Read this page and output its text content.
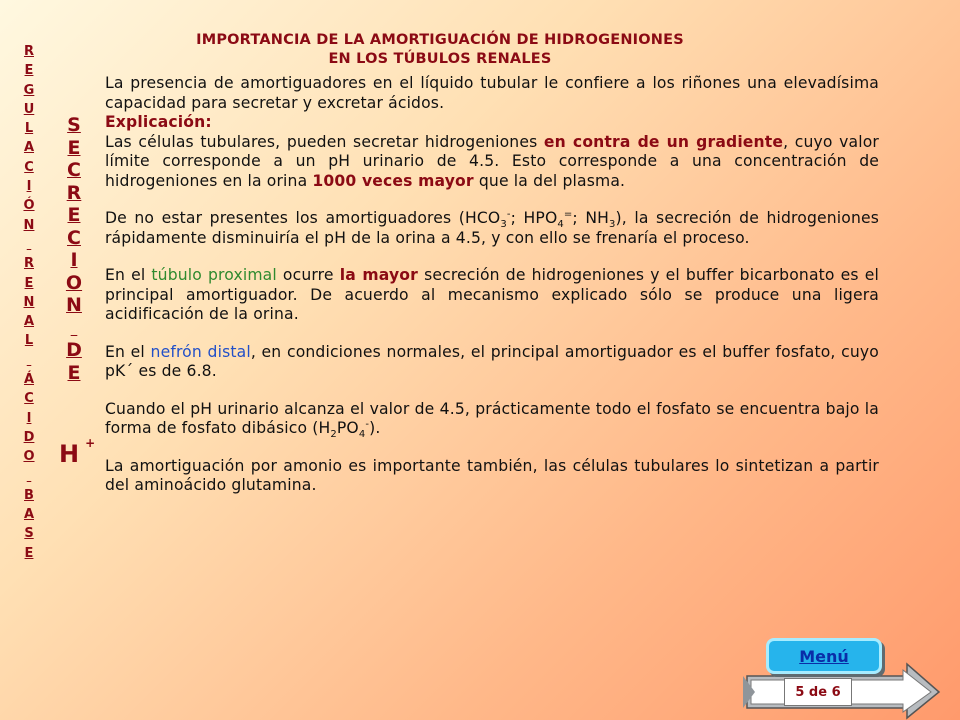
IMPORTANCIA DE LA AMORTIGUACIÓN DE HIDROGENIONES
EN LOS TÚBULOS RENALES
R
E
G
U
L
A
C
I
Ó
N

R
E
N
A
L

Á
C
I
D
O

B
A
S
E
S
E
C
R
E
C
I
O
N

D
E
H +

La presencia de amortiguadores en el líquido tubular le confiere a los riñones una elevadísima capacidad para secretar y excretar ácidos.

Explicación:

Las células tubulares, pueden secretar hidrogeniones en contra de un gradiente, cuyo valor límite corresponde a un pH urinario de 4.5. Esto corresponde a una concentración de hidrogeniones en la orina 1000 veces mayor que la del plasma.

De no estar presentes los amortiguadores ($HCO_3^-$; $HPO_4^=$; $NH_3$), la secreción de hidrogeniones rápidamente disminuiría el pH de la orina a 4.5, y con ello se frenaría el proceso.

En el túbulo proximal ocurre la mayor secreción de hidrogeniones y el buffer bicarbonato es el principal amortiguador. De acuerdo al mecanismo explicado sólo se produce una ligera acidificación de la orina.

En el nefrón distal, en condiciones normales, el principal amortiguador es el buffer fosfato, cuyo pK´ es de 6.8.

Cuando el pH urinario alcanza el valor de 4.5, prácticamente todo el fosfato se encuentra bajo la forma de fosfato dibásico $(H_2PO_4^-)$.

La amortiguación por amonio es importante también, las células tubulares lo sintetizan a partir del aminoácido glutamina.

Menú
5 de 6
